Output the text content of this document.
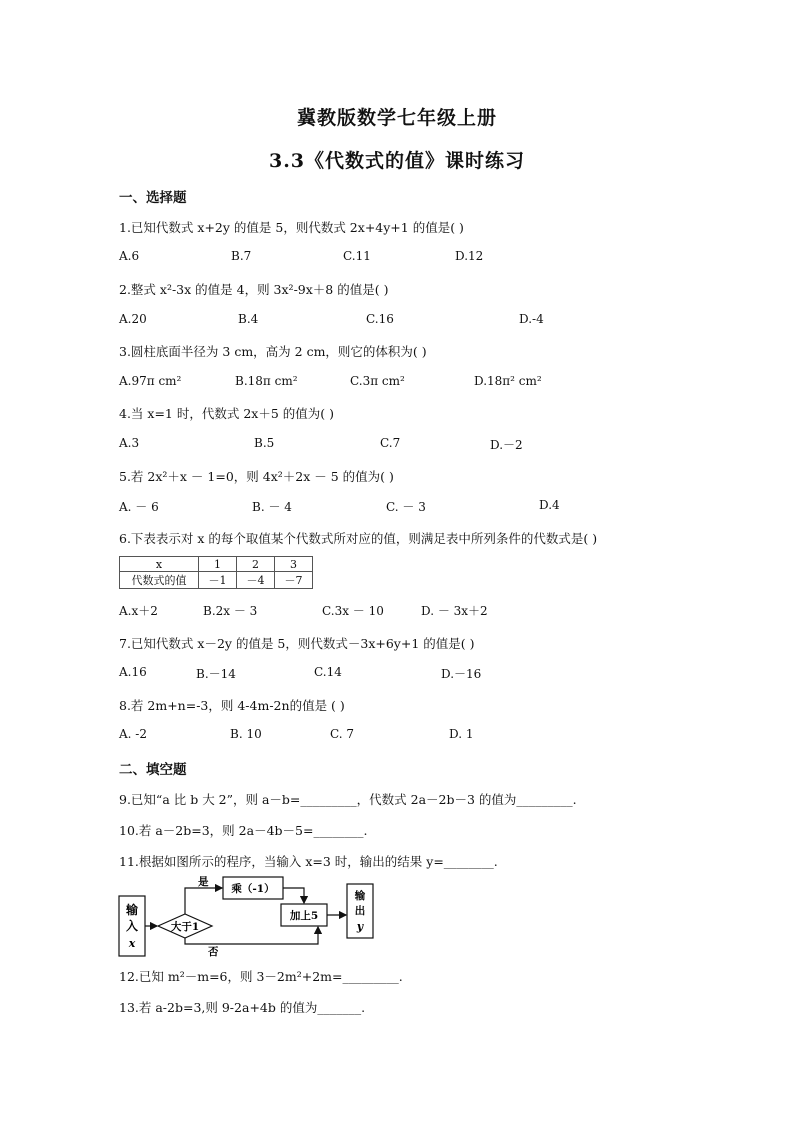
冀教版数学七年级上册
3.3《代数式的值》课时练习
一、选择题
1.已知代数式 x+2y 的值是 5，则代数式 2x+4y+1 的值是( )
A.6	B.7	C.11	D.12
2.整式 x²-3x 的值是 4，则 3x²-9x＋8 的值是( )
A.20	B.4	C.16	D.-4
3.圆柱底面半径为 3 cm，高为 2 cm，则它的体积为( )
A.97π cm²	B.18π cm²	C.3π cm²	D.18π² cm²
4.当 x=1 时，代数式 2x＋5 的值为( )
A.3	B.5	C.7	D.－2
5.若 2x²＋x － 1=0，则 4x²＋2x － 5 的值为( )
A. － 6	B. － 4	C. － 3	D.4
6.下表表示对 x 的每个取值某个代数式所对应的值，则满足表中所列条件的代数式是( )
x	1	2	3
代数式的值	－1	－4	－7
A.x＋2	B.2x － 3	C.3x － 10	D. － 3x＋2
7.已知代数式 x－2y 的值是 5，则代数式－3x+6y+1 的值是( )
A.16	B.－14	C.14	D.－16
8.若 2m+n=-3，则 4-4m-2n的值是 ( )
A. -2	B. 10	C. 7	D. 1
二、填空题
9.已知“a 比 b 大 2”，则 a－b=_________，代数式 2a－2b－3 的值为_________.
10.若 a－2b=3，则 2a－4b－5=________.
11.根据如图所示的程序，当输入 x=3 时，输出的结果 y=________.
输
入
x
大于1
是
乘（-1）
加上5
否
输
出
y
12.已知 m²－m=6，则 3－2m²+2m=_________.
13.若 a-2b=3,则 9-2a+4b 的值为_______.
